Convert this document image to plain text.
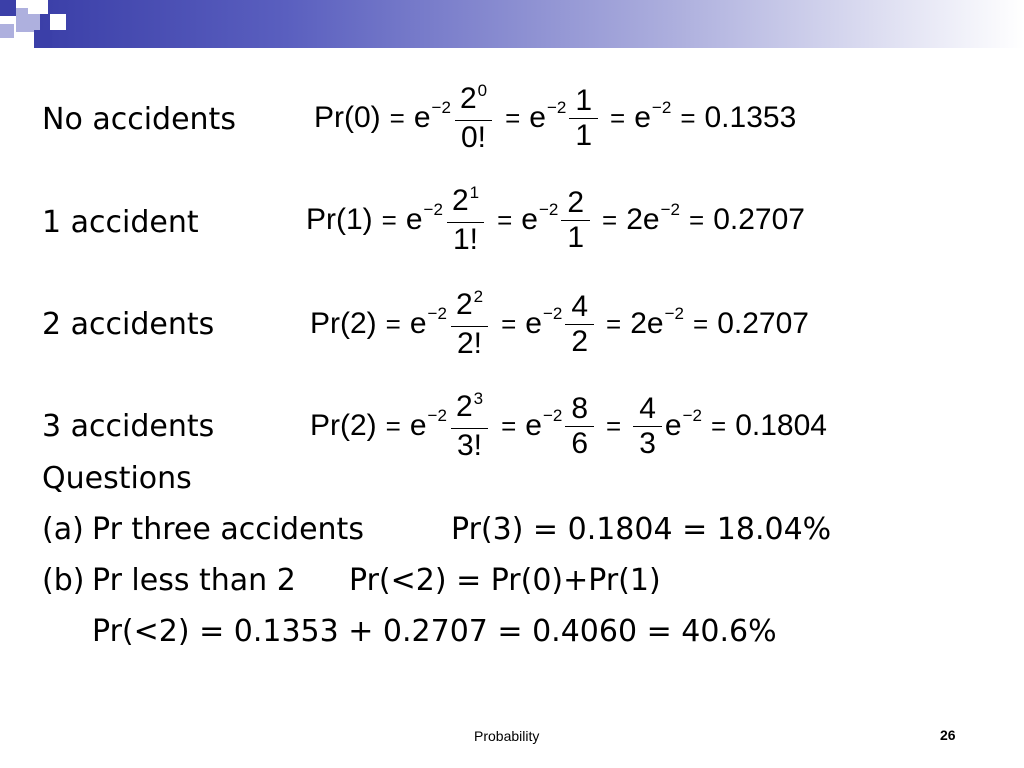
No accidents	$Pr(0) = e^{-2} \frac{2^0}{0!} = e^{-2} \frac{1}{1} = e^{-2} = 0.1353$
1 accident	$Pr(1) = e^{-2} \frac{2^1}{1!} = e^{-2} \frac{2}{1} = 2e^{-2} = 0.2707$
2 accidents	$Pr(2) = e^{-2} \frac{2^2}{2!} = e^{-2} \frac{4}{2} = 2e^{-2} = 0.2707$
3 accidents	$Pr(2) = e^{-2} \frac{2^3}{3!} = e^{-2} \frac{8}{6} = \frac{4}{3} e^{-2} = 0.1804$
Questions
(a) Pr three accidents	Pr(3) = 0.1804 = 18.04%
(b) Pr less than 2 Pr(<2) = Pr(0)+Pr(1)
Pr(<2) = 0.1353 + 0.2707 = 0.4060 = 40.6%
Probability	26
